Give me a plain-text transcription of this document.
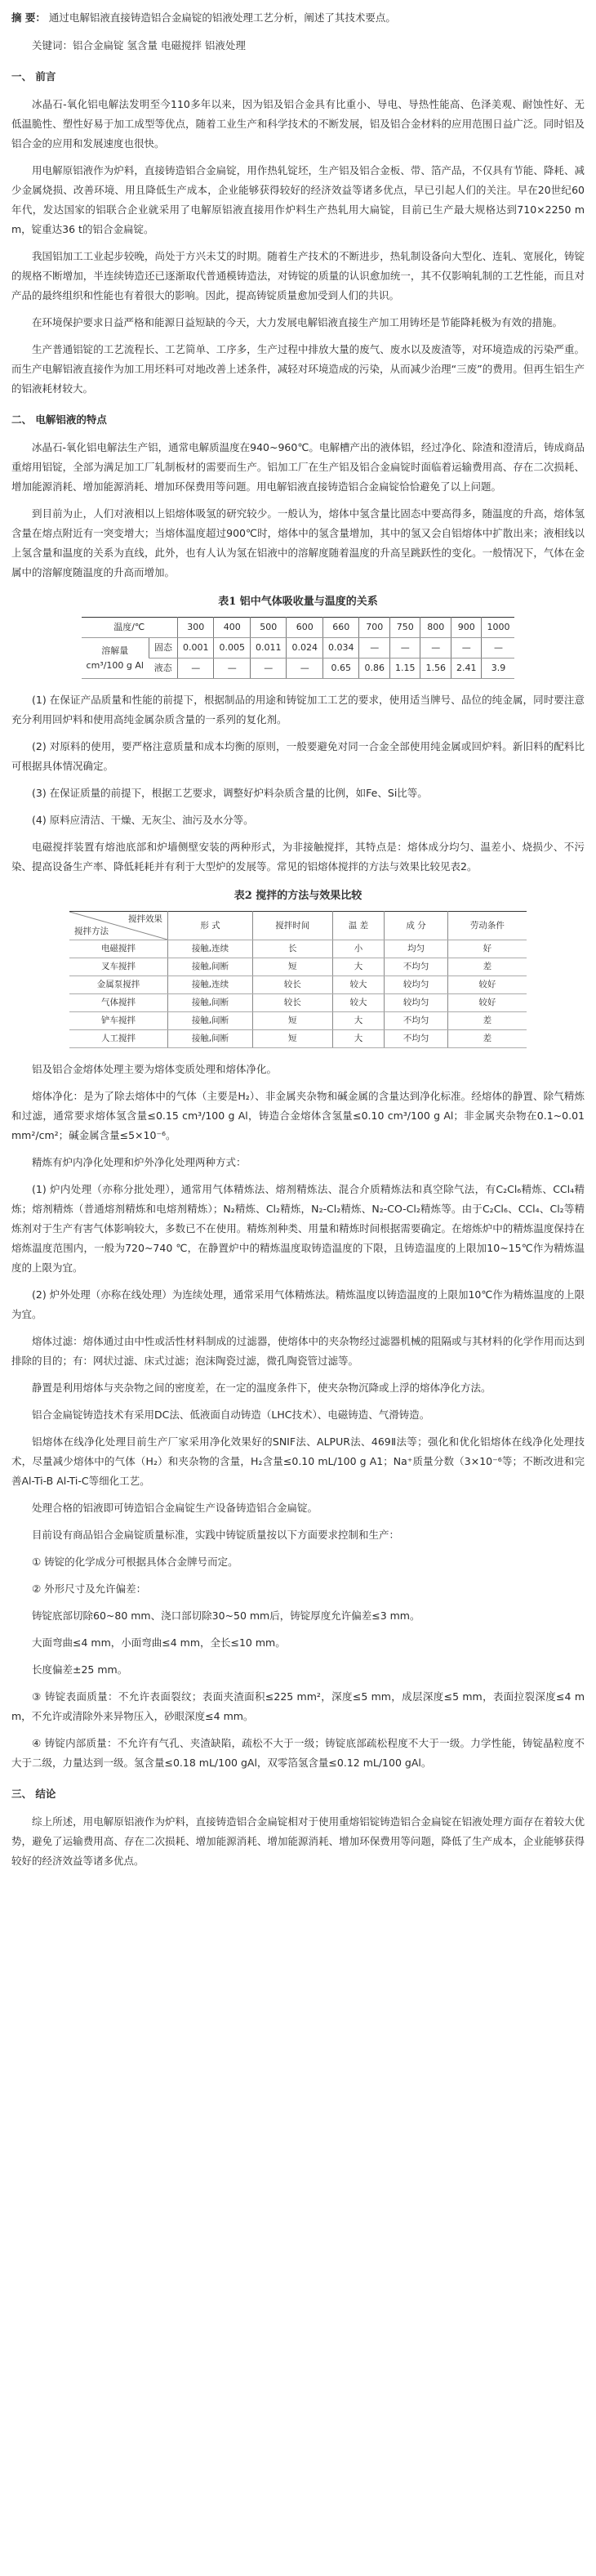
摘 要： 通过电解铝液直接铸造铝合金扁锭的铝液处理工艺分析，阐述了其技术要点。

关键词：铝合金扁锭 氢含量 电磁搅拌 铝液处理

一、 前言

冰晶石-氧化铝电解法发明至今110多年以来，因为铝及铝合金具有比重小、导电、导热性能高、色泽美观、耐蚀性好、无低温脆性、塑性好易于加工成型等优点，随着工业生产和科学技术的不断发展，铝及铝合金材料的应用范围日益广泛。同时铝及铝合金的应用和发展速度也很快。

用电解原铝液作为炉料，直接铸造铝合金扁锭，用作热轧锭坯，生产铝及铝合金板、带、箔产品，不仅具有节能、降耗、减少金属烧损、改善环境、用且降低生产成本，企业能够获得较好的经济效益等诸多优点，早已引起人们的关注。早在20世纪60年代，发达国家的铝联合企业就采用了电解原铝液直接用作炉料生产热轧用大扁锭，目前已生产最大规格达到710×2250 mm，锭重达36 t的铝合金扁锭。

我国铝加工工业起步较晚，尚处于方兴未艾的时期。随着生产技术的不断进步，热轧制设备向大型化、连轧、宽展化，铸锭的规格不断增加，半连续铸造还已逐渐取代普通模铸造法，对铸锭的质量的认识愈加统一，其不仅影响轧制的工艺性能，而且对产品的最终组织和性能也有着很大的影响。因此，提高铸锭质量愈加受到人们的共识。

在环境保护要求日益严格和能源日益短缺的今天，大力发展电解铝液直接生产加工用铸坯是节能降耗极为有效的措施。

生产普通铝锭的工艺流程长、工艺简单、工序多，生产过程中排放大量的废气、废水以及废渣等，对环境造成的污染严重。而生产电解铝液直接作为加工用坯料可对地改善上述条件，减轻对环境造成的污染，从而减少治理“三废”的费用。但再生铝生产的铝液耗材较大。

二、 电解铝液的特点

冰晶石-氧化铝电解法生产铝，通常电解质温度在940~960℃。电解槽产出的液体铝，经过净化、除渣和澄清后，铸成商品重熔用铝锭，全部为满足加工厂轧制板材的需要而生产。铝加工厂在生产铝及铝合金扁锭时面临着运输费用高、存在二次损耗、增加能源消耗、增加能源消耗、增加环保费用等问题。用电解铝液直接铸造铝合金扁锭恰恰避免了以上问题。

到目前为止，人们对液相以上铝熔体吸氢的研究较少。一般认为，熔体中氢含量比固态中要高得多，随温度的升高，熔体氢含量在熔点附近有一突变增大；当熔体温度超过900℃时，熔体中的氢含量增加，其中的氢又会自铝熔体中扩散出来；液相线以上氢含量和温度的关系为直线，此外，也有人认为氢在铝液中的溶解度随着温度的升高呈跳跃性的变化。一般情况下，气体在金属中的溶解度随温度的升高而增加。

表1 铝中气体吸收量与温度的关系
温度/℃		300	400	500	600	660	700	750	800	900	1000

溶解量
cm³/100 g Al	固态	0.001	0.005	0.011	0.024	0.034	—	—	—	—	—
	液态	—	—	—	—	0.65	0.86	1.15	1.56	2.41	3.9

(1) 在保证产品质量和性能的前提下，根据制品的用途和铸锭加工工艺的要求，使用适当牌号、品位的纯金属，同时要注意充分利用回炉料和使用高纯金属杂质含量的一系列的复化剂。

(2) 对原料的使用，要严格注意质量和成本均衡的原则，一般要避免对同一合金全部使用纯金属或回炉料。新旧料的配料比可根据具体情况确定。

(3) 在保证质量的前提下，根据工艺要求，调整好炉料杂质含量的比例，如Fe、Si比等。

(4) 原料应清洁、干燥、无灰尘、油污及水分等。

电磁搅拌装置有熔池底部和炉墙侧壁安装的两种形式，为非接触搅拌，其特点是：熔体成分均匀、温差小、烧损少、不污染、提高设备生产率、降低耗耗并有利于大型炉的发展等。常见的铝熔体搅拌的方法与效果比较见表2。

表2 搅拌的方法与效果比较
搅拌效果
搅拌方法	形 式	搅拌时间	温 差	成 分	劳动条件
电磁搅拌	接触,连续	长	小	均匀	好
叉车搅拌	接触,间断	短	大	不均匀	差
金属泵搅拌	接触,连续	较长	较大	较均匀	较好
气体搅拌	接触,间断	较长	较大	较均匀	较好
铲车搅拌	接触,间断	短	大	不均匀	差
人工搅拌	接触,间断	短	大	不均匀	差

铝及铝合金熔体处理主要为熔体变质处理和熔体净化。

熔体净化：是为了除去熔体中的气体（主要是H₂）、非金属夹杂物和碱金属的含量达到净化标准。经熔体的静置、除气精炼和过滤，通常要求熔体氢含量≤0.15 cm³/100 g Al，铸造合金熔体含氢量≤0.10 cm³/100 g Al；非金属夹杂物在0.1~0.01 mm²/cm²；碱金属含量≤5×10⁻⁶。

精炼有炉内净化处理和炉外净化处理两种方式：

(1) 炉内处理（亦称分批处理），通常用气体精炼法、熔剂精炼法、混合介质精炼法和真空除气法，有C₂Cl₆精炼、CCl₄精炼；熔剂精炼（普通熔剂精炼和电熔剂精炼）；N₂精炼、Cl₂精炼，N₂-Cl₂精炼、N₂-CO-Cl₂精炼等。由于C₂Cl₆、CCl₄、Cl₂等精炼剂对于生产有害气体影响较大，多数已不在使用。精炼剂种类、用量和精炼时间根据需要确定。在熔炼炉中的精炼温度保持在熔炼温度范围内，一般为720~740 ℃，在静置炉中的精炼温度取铸造温度的下限，且铸造温度的上限加10~15℃作为精炼温度的上限为宜。

(2) 炉外处理（亦称在线处理）为连续处理，通常采用气体精炼法。精炼温度以铸造温度的上限加10℃作为精炼温度的上限为宜。

熔体过滤：熔体通过由中性或活性材料制成的过滤器，使熔体中的夹杂物经过滤器机械的阻隔或与其材料的化学作用而达到排除的目的；有：网状过滤、床式过滤；泡沫陶瓷过滤，微孔陶瓷管过滤等。

静置是利用熔体与夹杂物之间的密度差，在一定的温度条件下，使夹杂物沉降或上浮的熔体净化方法。

铝合金扁锭铸造技术有采用DC法、低液面自动铸造（LHC技术）、电磁铸造、气滑铸造。

铝熔体在线净化处理目前生产厂家采用净化效果好的SNIF法、ALPUR法、469Ⅱ法等；强化和优化铝熔体在线净化处理技术，尽量减少熔体中的气体（H₂）和夹杂物的含量，H₂含量≤0.10 mL/100 g A1；Na⁺质量分数（3×10⁻⁶等；不断改进和完善Al-Ti-B Al-Ti-C等细化工艺。

处理合格的铝液即可铸造铝合金扁锭生产设备铸造铝合金扁锭。

目前设有商品铝合金扁锭质量标准，实践中铸锭质量按以下方面要求控制和生产：

① 铸锭的化学成分可根据具体合金牌号而定。

② 外形尺寸及允许偏差：

铸锭底部切除60~80 mm、浇口部切除30~50 mm后，铸锭厚度允许偏差≤3 mm。

大面弯曲≤4 mm，小面弯曲≤4 mm，全长≤10 mm。

长度偏差±25 mm。

③ 铸锭表面质量：不允许表面裂纹；表面夹渣面积≤225 mm²，深度≤5 mm，成层深度≤5 mm，表面拉裂深度≤4 mm，不允许或清除外来异物压入，砂眼深度≤4 mm。

④ 铸锭内部质量：不允许有气孔、夹渣缺陷，疏松不大于一级；铸锭底部疏松程度不大于一级。力学性能，铸锭晶粒度不大于二级，力量达到一级。氢含量≤0.18 mL/100 gAl，双零箔氢含量≤0.12 mL/100 gAl。

三、 结论

综上所述，用电解原铝液作为炉料，直接铸造铝合金扁锭相对于使用重熔铝锭铸造铝合金扁锭在铝液处理方面存在着较大优势，避免了运输费用高、存在二次损耗、增加能源消耗、增加能源消耗、增加环保费用等问题，降低了生产成本，企业能够获得较好的经济效益等诸多优点。
